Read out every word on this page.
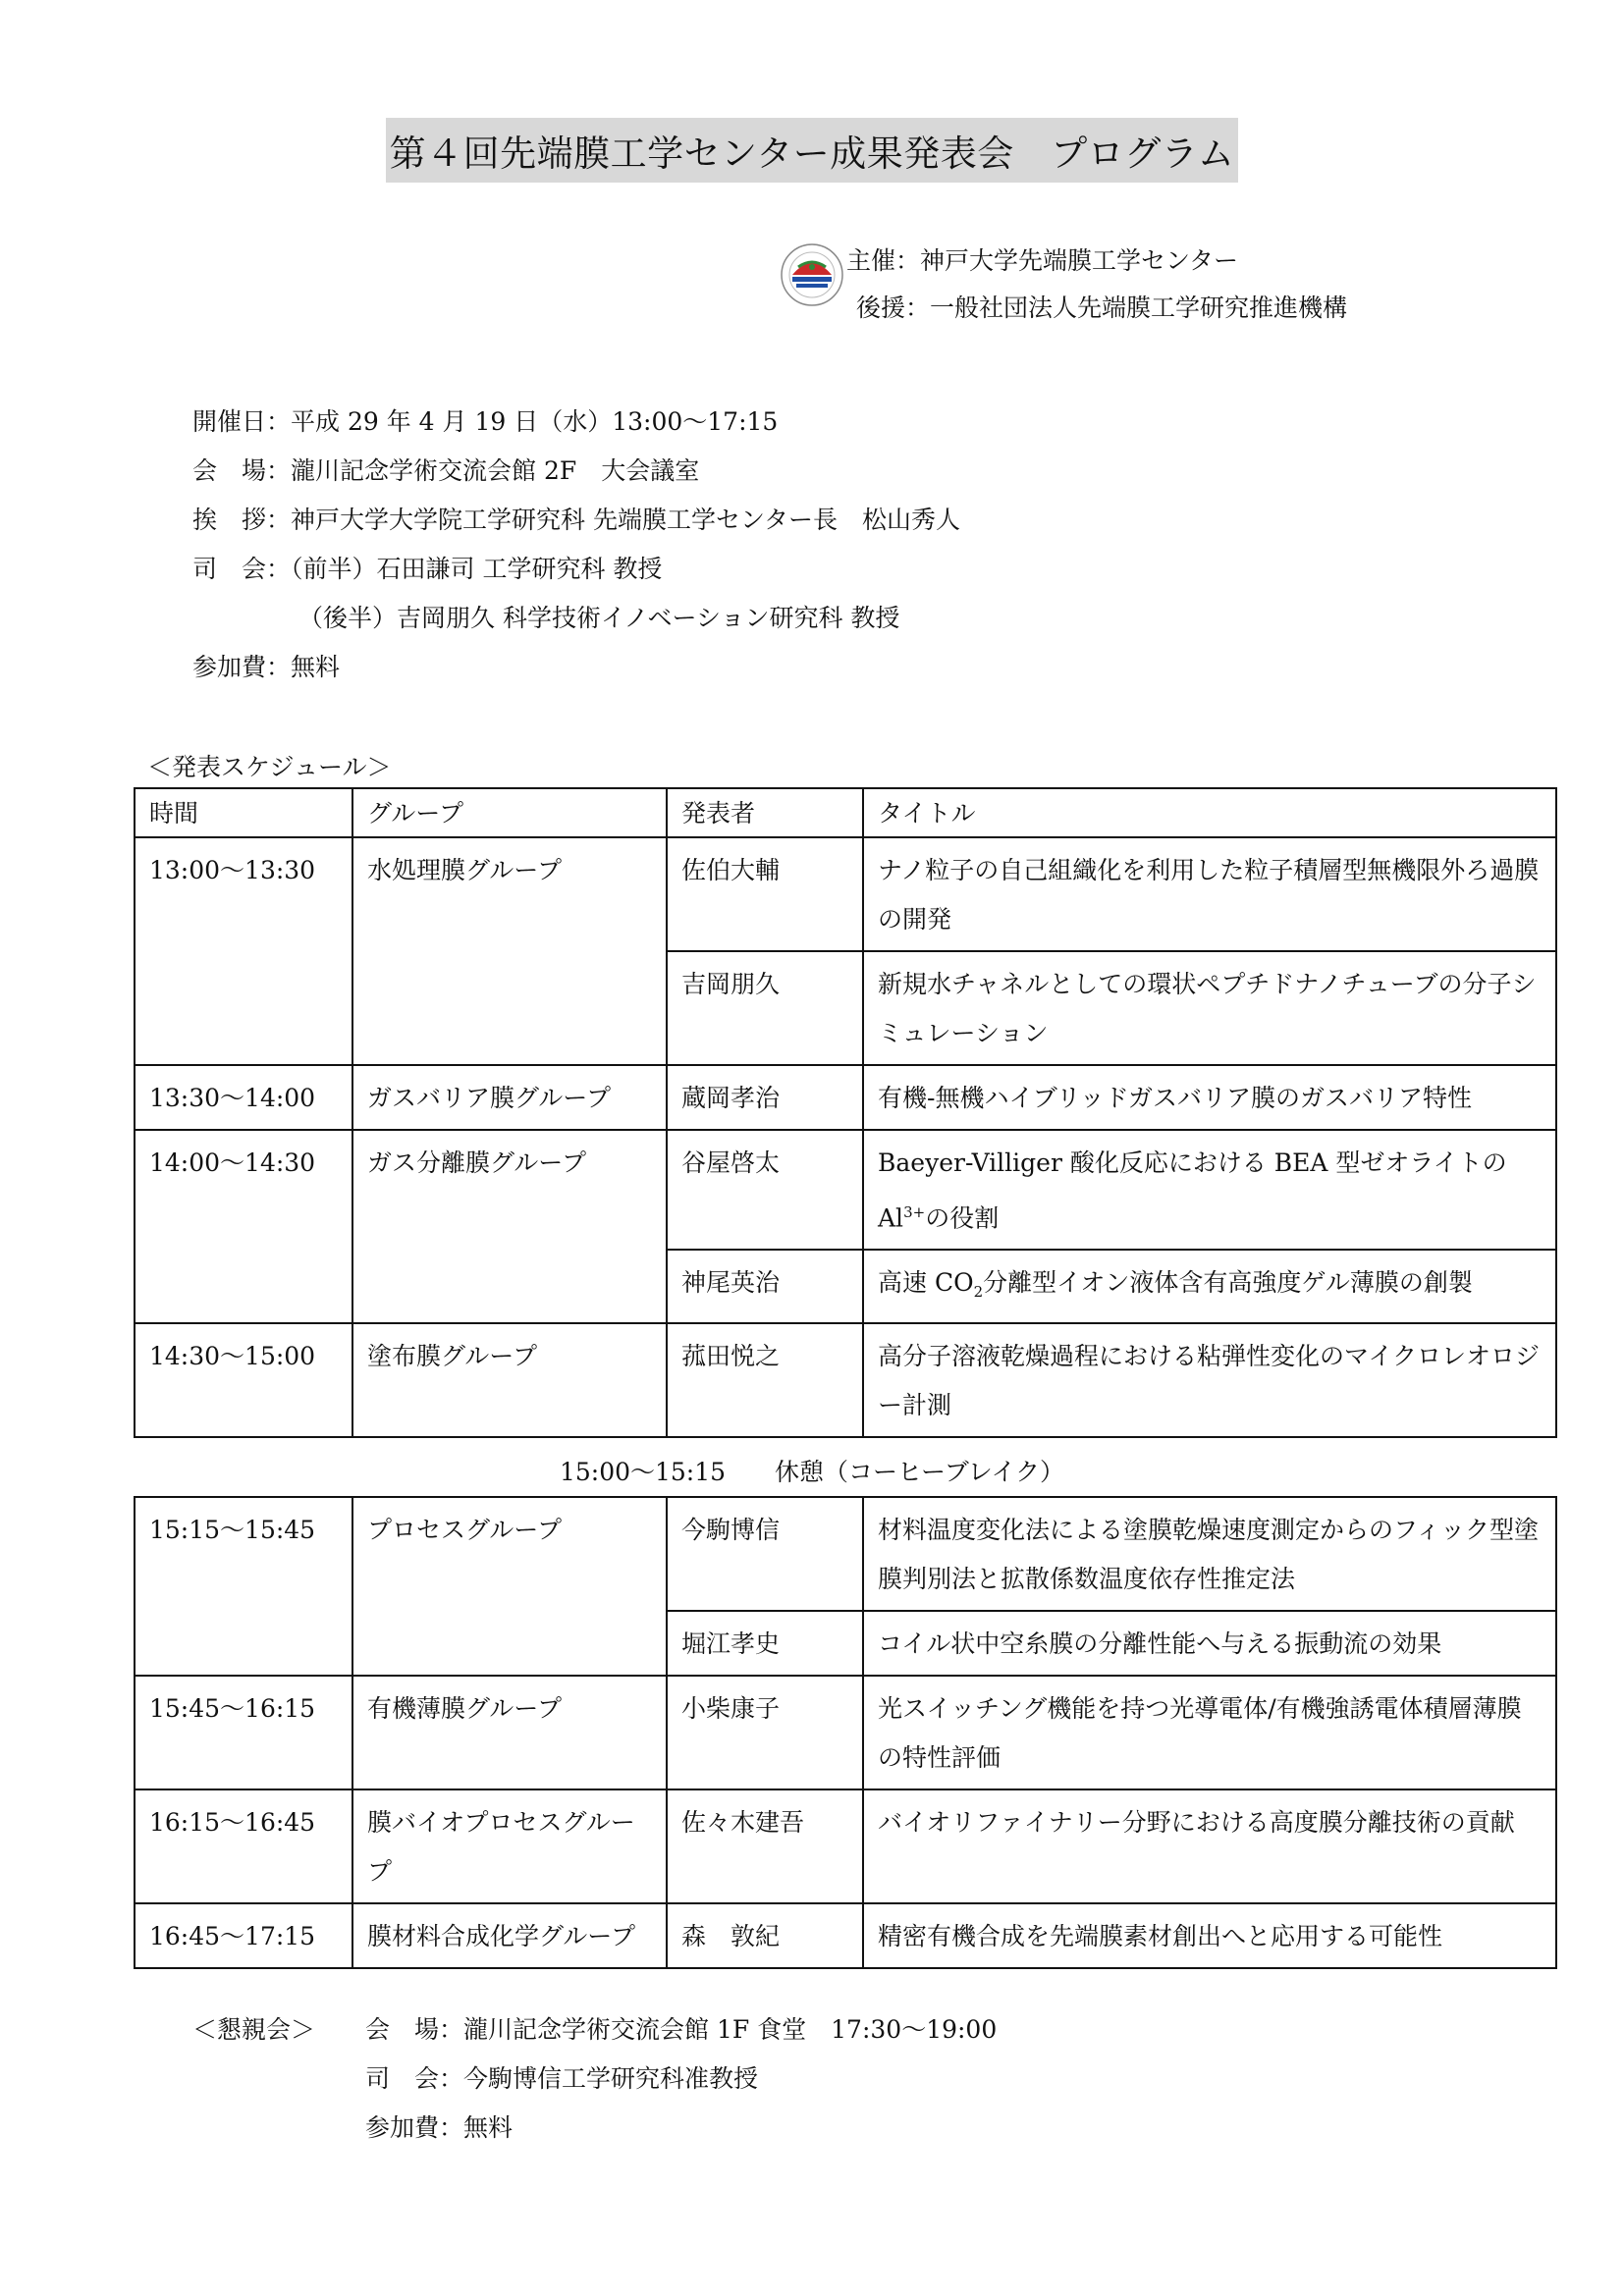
第４回先端膜工学センター成果発表会　プログラム
主催：神戸大学先端膜工学センター
後援：一般社団法人先端膜工学研究推進機構
開催日：平成 29 年 4 月 19 日（水）13:00～17:15
会　場：瀧川記念学術交流会館 2F　大会議室
挨　拶：神戸大学大学院工学研究科 先端膜工学センター長　松山秀人
司　会：（前半）石田謙司 工学研究科 教授
（後半）吉岡朋久 科学技術イノベーション研究科 教授
参加費：無料
＜発表スケジュール＞
時間	グループ	発表者	タイトル
13:00～13:30	水処理膜グループ	佐伯大輔	ナノ粒子の自己組織化を利用した粒子積層型無機限外ろ過膜の開発
		吉岡朋久	新規水チャネルとしての環状ペプチドナノチューブの分子シミュレーション
13:30～14:00	ガスバリア膜グループ	蔵岡孝治	有機-無機ハイブリッドガスバリア膜のガスバリア特性
14:00～14:30	ガス分離膜グループ	谷屋啓太	Baeyer-Villiger 酸化反応における BEA 型ゼオライトの $Al^{3+}$の役割
		神尾英治	高速 $CO_2$分離型イオン液体含有高強度ゲル薄膜の創製
14:30～15:00	塗布膜グループ	菰田悦之	高分子溶液乾燥過程における粘弾性変化のマイクロレオロジー計測
15:00～15:15　　休憩（コーヒーブレイク）
15:15～15:45	プロセスグループ	今駒博信	材料温度変化法による塗膜乾燥速度測定からのフィック型塗膜判別法と拡散係数温度依存性推定法
		堀江孝史	コイル状中空糸膜の分離性能へ与える振動流の効果
15:45～16:15	有機薄膜グループ	小柴康子	光スイッチング機能を持つ光導電体/有機強誘電体積層薄膜の特性評価
16:15～16:45	膜バイオプロセスグループ	佐々木建吾	バイオリファイナリー分野における高度膜分離技術の貢献
16:45～17:15	膜材料合成化学グループ	森　敦紀	精密有機合成を先端膜素材創出へと応用する可能性
＜懇親会＞ 会　場：瀧川記念学術交流会館 1F 食堂　17:30～19:00
司　会：今駒博信工学研究科准教授
参加費：無料
